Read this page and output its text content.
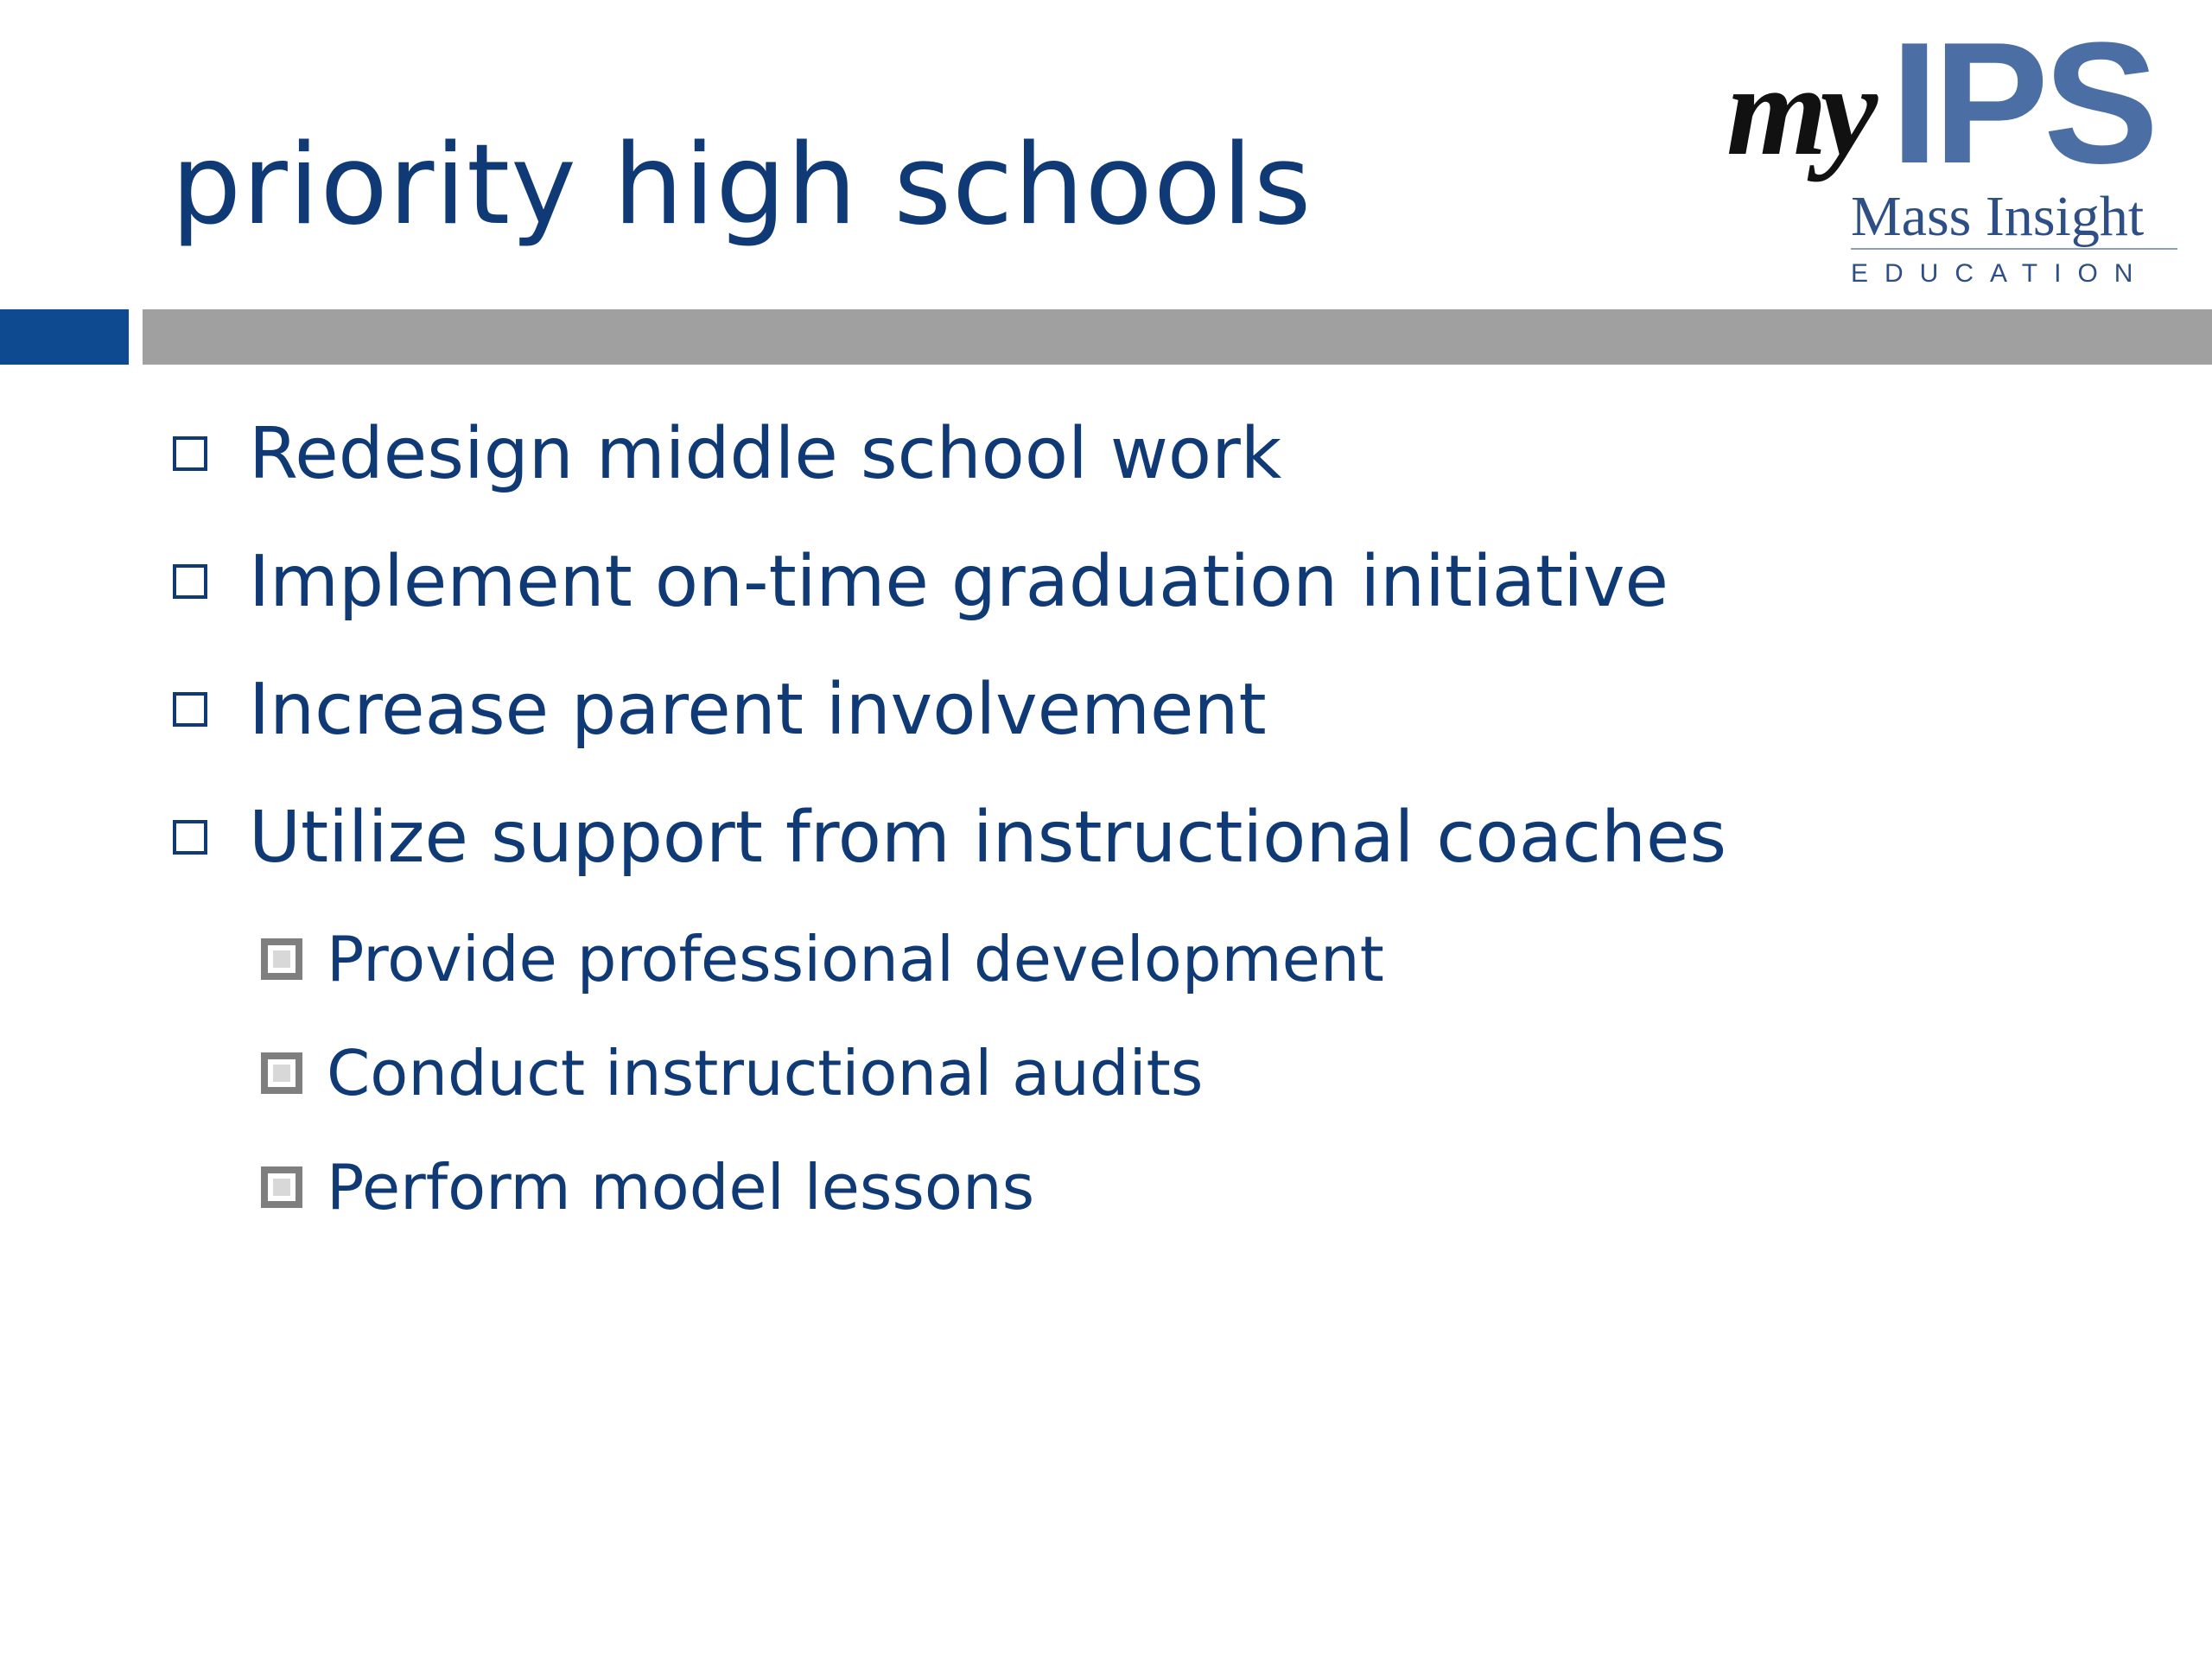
priority high schools	IPS
my
Mass Insight
EDUCATION
Redesign middle school work
Implement on-time graduation initiative
Increase parent involvement
Utilize support from instructional coaches
Provide professional development
Conduct instructional audits
Perform model lessons
